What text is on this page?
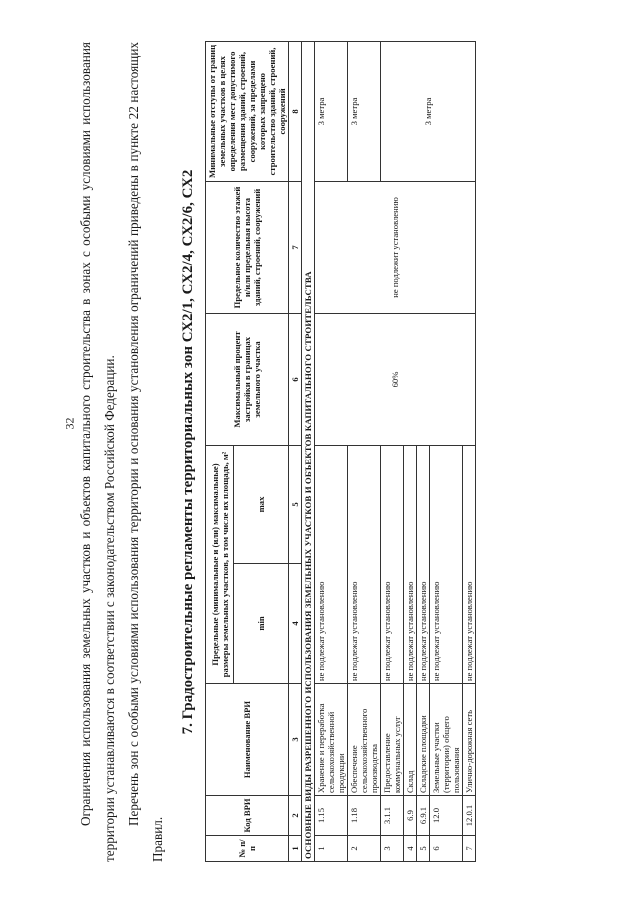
32 Ограничения использования земельных участков и объектов капитального строительства в зонах с особыми условиями использования территории устанавливаются в соответствии с законодательством Российской Федерации. Перечень зон с особыми условиями использования территории и основания установления ограничений приведены в пункте 22 настоящих Правил.

7. Градостроительные регламенты территориальных зон СХ2/1, СХ2/4, СХ2/6, СХ2
№ п/п	Код ВРИ	Наименование ВРИ	Предельные (минимальные и (или) максимальные) размеры земельных участков, в том числе их площадь, м²		Максимальный процент застройки в границах земельного участка	Предельное количество этажей и/или предельная высота зданий, строений, сооружений	Минимальные отступы от границ земельных участков в целях определения мест допустимого размещения зданий, строений, сооружений, за пределами которых запрещено строительство зданий, строений, сооружений
			min	max			
1	2	3	4	5	6	7	8
ОСНОВНЫЕ ВИДЫ РАЗРЕШЕННОГО ИСПОЛЬЗОВАНИЯ ЗЕМЕЛЬНЫХ УЧАСТКОВ И ОБЪЕКТОВ КАПИТАЛЬНОГО СТРОИТЕЛЬСТВА							
1	1.15	Хранение и переработка сельскохозяйственной продукции	не подлежат установлению		60%	не подлежит установлению	3 метра
2	1.18	Обеспечение сельскохозяйственного производства	не подлежат установлению				3 метра
3	3.1.1	Предоставление коммунальных услуг	не подлежат установлению				3 метра
4	6.9	Склад	не подлежат установлению				
5	6.9.1	Складские площадки	не подлежат установлению				
6	12.0	Земельные участки (территории) общего пользования	не подлежат установлению				
7	12.0.1	Улично-дорожная сеть	не подлежат установлению				
